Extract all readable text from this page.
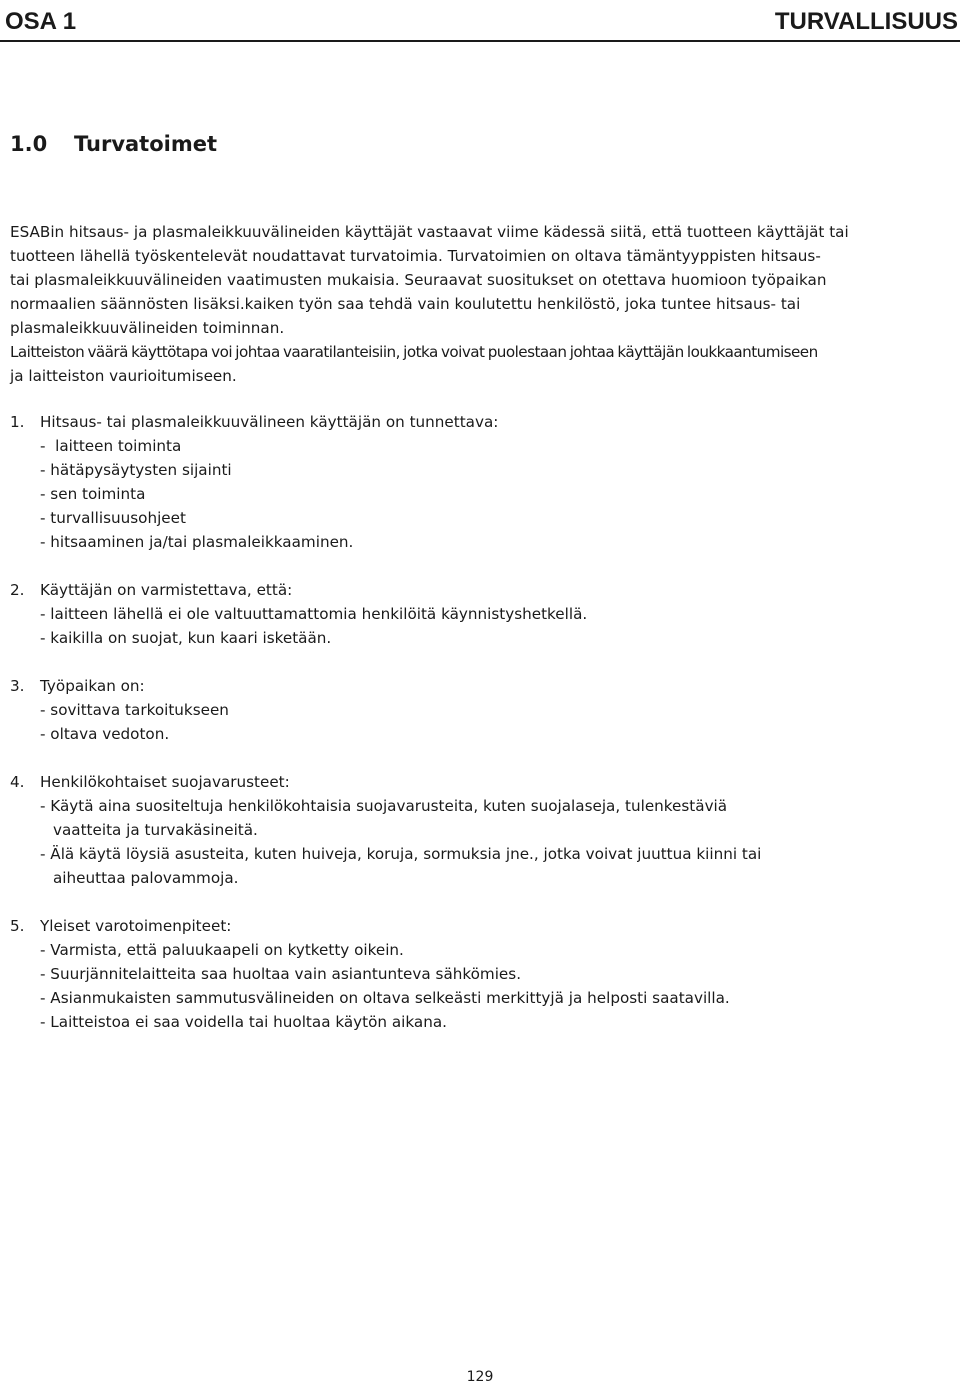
OSA 1	TURVALLISUUS
1.0 Turvatoimet

ESABin hitsaus- ja plasmaleikkuuvälineiden käyttäjät vastaavat viime kädessä siitä, että tuotteen käyttäjät tai

tuotteen lähellä työskentelevät noudattavat turvatoimia. Turvatoimien on oltava tämäntyyppisten hitsaus-

tai plasmaleikkuuvälineiden vaatimusten mukaisia. Seuraavat suositukset on otettava huomioon työpaikan

normaalien säännösten lisäksi.kaiken työn saa tehdä vain koulutettu henkilöstö, joka tuntee hitsaus- tai

plasmaleikkuuvälineiden toiminnan.

Laitteiston väärä käyttötapa voi johtaa vaaratilanteisiin, jotka voivat puolestaan johtaa käyttäjän loukkaantumiseen

ja laitteiston vaurioitumiseen.

1. Hitsaus- tai plasmaleikkuuvälineen käyttäjän on tunnettava:
-  laitteen toiminta
- hätäpysäytysten sijainti
- sen toiminta
- turvallisuusohjeet
- hitsaaminen ja/tai plasmaleikkaaminen.
2. Käyttäjän on varmistettava, että:
- laitteen lähellä ei ole valtuuttamattomia henkilöitä käynnistyshetkellä.
- kaikilla on suojat, kun kaari isketään.
3. Työpaikan on:
- sovittava tarkoitukseen
- oltava vedoton.
4. Henkilökohtaiset suojavarusteet:
- Käytä aina suositeltuja henkilökohtaisia suojavarusteita, kuten suojalaseja, tulenkestäviä
vaatteita ja turvakäsineitä.
- Älä käytä löysiä asusteita, kuten huiveja, koruja, sormuksia jne., jotka voivat juuttua kiinni tai
aiheuttaa palovammoja.
5. Yleiset varotoimenpiteet:
- Varmista, että paluukaapeli on kytketty oikein.
- Suurjännitelaitteita saa huoltaa vain asiantunteva sähkömies.
- Asianmukaisten sammutusvälineiden on oltava selkeästi merkittyjä ja helposti saatavilla.
- Laitteistoa ei saa voidella tai huoltaa käytön aikana.
129
